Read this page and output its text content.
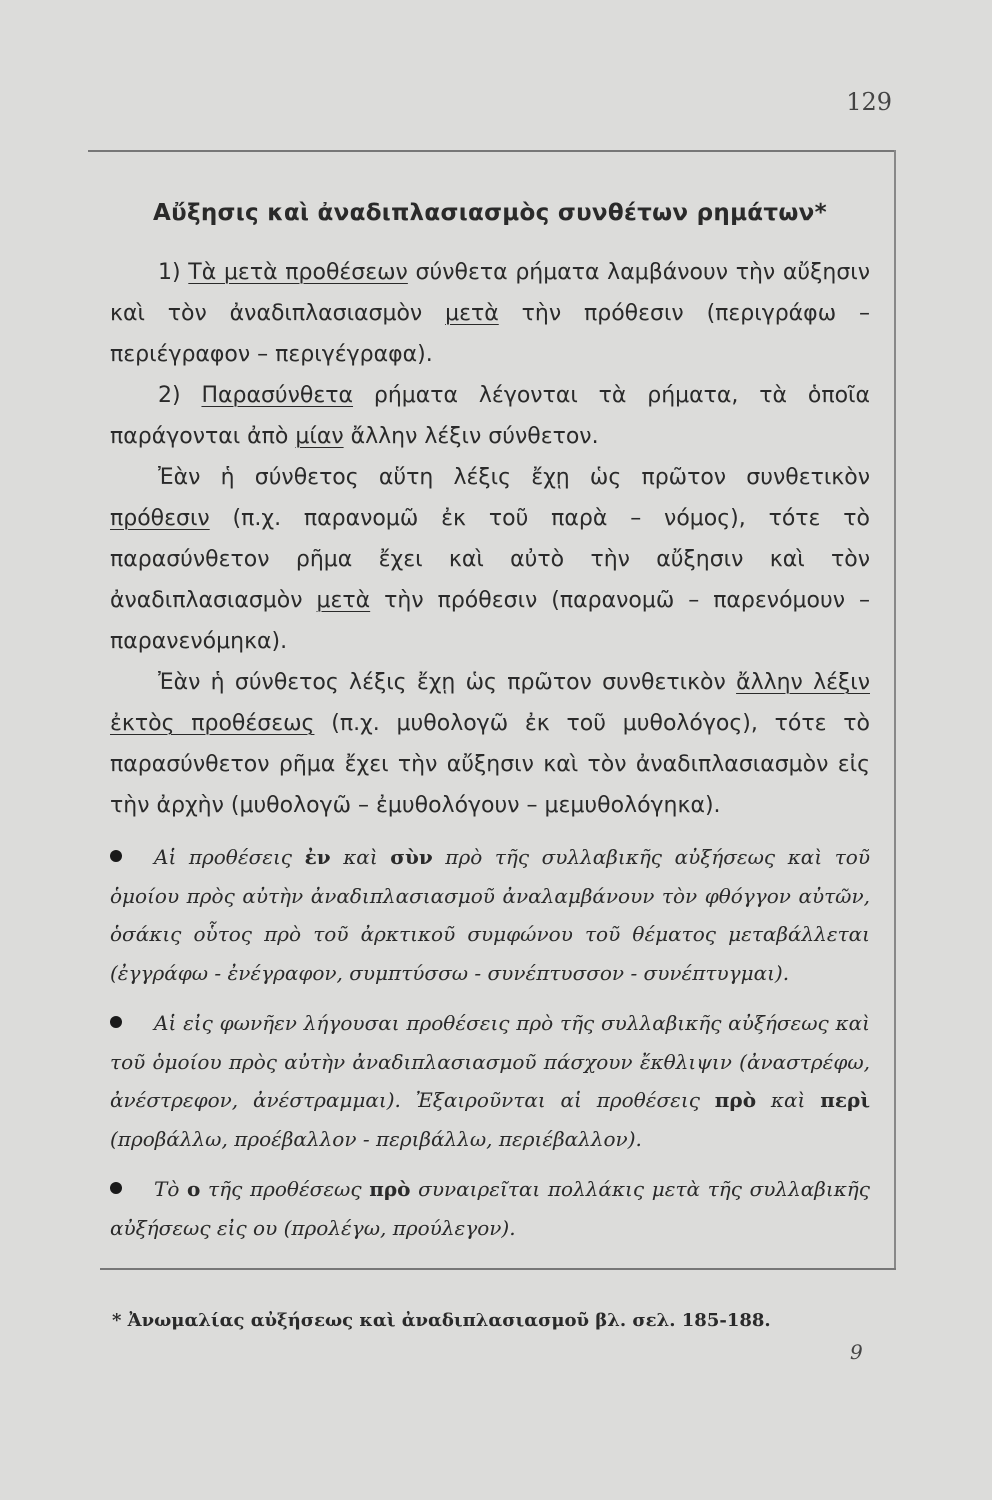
129
Αὔξησις καὶ ἀναδιπλασιασμὸς συνθέτων ρημάτων*

1) Τὰ μετὰ προθέσεων σύνθετα ρήματα λαμβάνουν τὴν αὔξησιν καὶ τὸν ἀναδιπλασιασμὸν μετὰ τὴν πρόθεσιν (περιγράφω – περιέγραφον – περιγέγραφα).

2) Παρασύνθετα ρήματα λέγονται τὰ ρήματα, τὰ ὁποῖα παράγονται ἀπὸ μίαν ἄλλην λέξιν σύνθετον.

Ἐὰν ἡ σύνθετος αὕτη λέξις ἔχῃ ὡς πρῶτον συνθετικὸν πρόθεσιν (π.χ. παρανομῶ ἐκ τοῦ παρὰ – νόμος), τότε τὸ παρασύνθετον ρῆμα ἔχει καὶ αὐτὸ τὴν αὔξησιν καὶ τὸν ἀναδιπλασιασμὸν μετὰ τὴν πρόθεσιν (παρανομῶ – παρενόμουν – παρανενόμηκα).

Ἐὰν ἡ σύνθετος λέξις ἔχῃ ὡς πρῶτον συνθετικὸν ἄλλην λέξιν ἐκτὸς προθέσεως (π.χ. μυθολογῶ ἐκ τοῦ μυθολόγος), τότε τὸ παρασύνθετον ρῆμα ἔχει τὴν αὔξησιν καὶ τὸν ἀναδιπλασιασμὸν εἰς τὴν ἀρχὴν (μυθολογῶ – ἐμυθολόγουν – μεμυθολόγηκα).

Αἱ προθέσεις ἐν καὶ σὺν πρὸ τῆς συλλαβικῆς αὐξήσεως καὶ τοῦ ὁμοίου πρὸς αὐτὴν ἀναδιπλασιασμοῦ ἀναλαμβάνουν τὸν φθόγγον αὐτῶν, ὁσάκις οὗτος πρὸ τοῦ ἀρκτικοῦ συμφώνου τοῦ θέματος μεταβάλλεται (ἐγγράφω - ἐνέγραφον, συμπτύσσω - συνέπτυσσον - συνέπτυγμαι).

Αἱ εἰς φωνῆεν λήγουσαι προθέσεις πρὸ τῆς συλλαβικῆς αὐξήσεως καὶ τοῦ ὁμοίου πρὸς αὐτὴν ἀναδιπλασιασμοῦ πάσχουν ἔκθλιψιν (ἀναστρέφω, ἀνέστρεφον, ἀνέστραμμαι). Ἐξαιροῦνται αἱ προθέσεις πρὸ καὶ περὶ (προβάλλω, προέβαλλον - περιβάλλω, περιέβαλλον).

Τὸ ο τῆς προθέσεως πρὸ συναιρεῖται πολλάκις μετὰ τῆς συλλαβικῆς αὐξήσεως εἰς ου (προλέγω, προύλεγον).

* Ἀνωμαλίας αὐξήσεως καὶ ἀναδιπλασιασμοῦ βλ. σελ. 185-188.
9
